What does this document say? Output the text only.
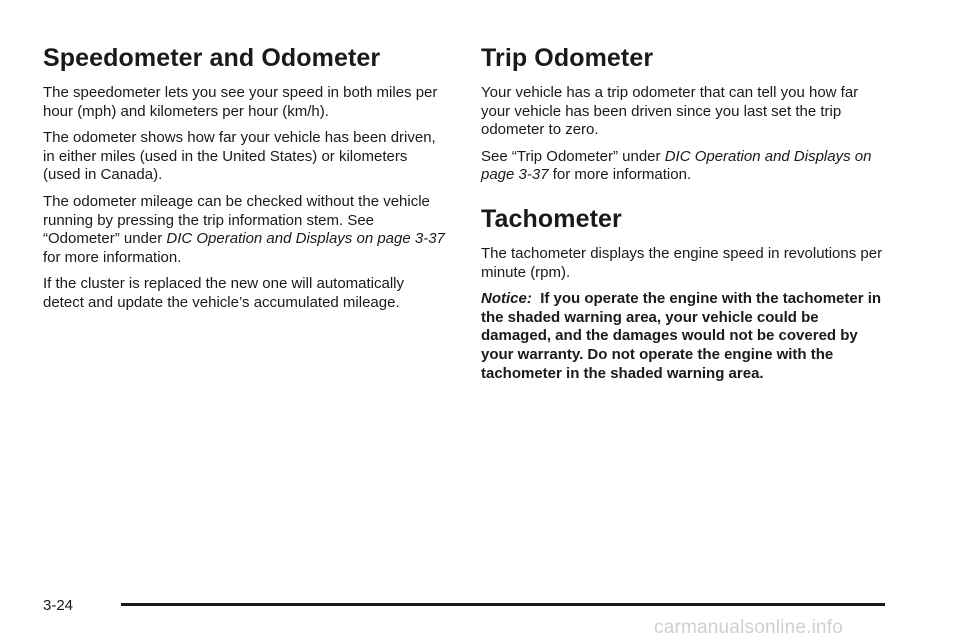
Speedometer and Odometer

The speedometer lets you see your speed in both miles per hour (mph) and kilometers per hour (km/h).

The odometer shows how far your vehicle has been driven, in either miles (used in the United States) or kilometers (used in Canada).

The odometer mileage can be checked without the vehicle running by pressing the trip information stem. See “Odometer” under DIC Operation and Displays on page 3-37 for more information.

If the cluster is replaced the new one will automatically detect and update the vehicle’s accumulated mileage.

Trip Odometer

Your vehicle has a trip odometer that can tell you how far your vehicle has been driven since you last set the trip odometer to zero.

See “Trip Odometer” under DIC Operation and Displays on page 3-37 for more information.

Tachometer

The tachometer displays the engine speed in revolutions per minute (rpm).

Notice: If you operate the engine with the tachometer in the shaded warning area, your vehicle could be damaged, and the damages would not be covered by your warranty. Do not operate the engine with the tachometer in the shaded warning area.

3-24
carmanualsonline.info
